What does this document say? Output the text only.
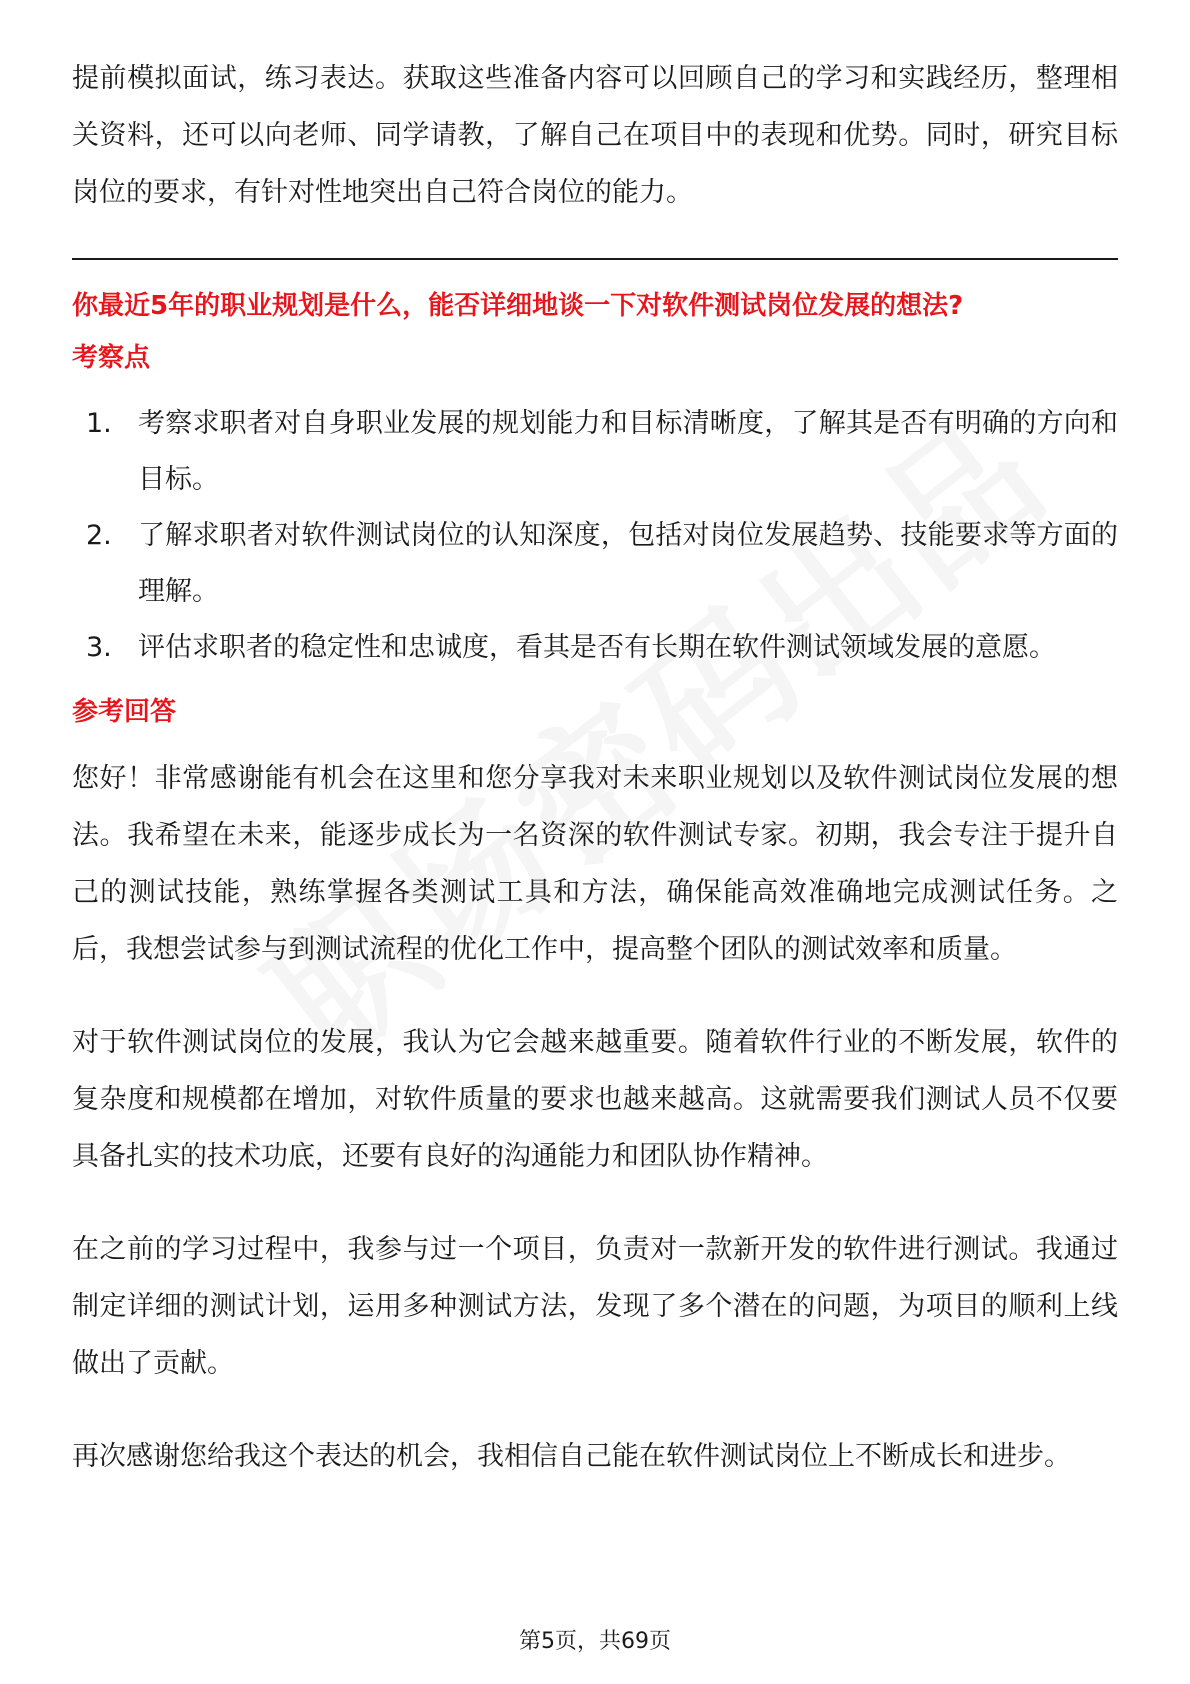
提前模拟面试，练习表达。获取这些准备内容可以回顾自己的学习和实践经历，整理相关资料，还可以向老师、同学请教，了解自己在项目中的表现和优势。同时，研究目标岗位的要求，有针对性地突出自己符合岗位的能力。

你最近5年的职业规划是什么，能否详细地谈一下对软件测试岗位发展的想法?
考察点
1. 考察求职者对自身职业发展的规划能力和目标清晰度，了解其是否有明确的方向和目标。
2. 了解求职者对软件测试岗位的认知深度，包括对岗位发展趋势、技能要求等方面的理解。
3. 评估求职者的稳定性和忠诚度，看其是否有长期在软件测试领域发展的意愿。
参考回答

您好！非常感谢能有机会在这里和您分享我对未来职业规划以及软件测试岗位发展的想法。我希望在未来，能逐步成长为一名资深的软件测试专家。初期，我会专注于提升自己的测试技能，熟练掌握各类测试工具和方法，确保能高效准确地完成测试任务。之后，我想尝试参与到测试流程的优化工作中，提高整个团队的测试效率和质量。

对于软件测试岗位的发展，我认为它会越来越重要。随着软件行业的不断发展，软件的复杂度和规模都在增加，对软件质量的要求也越来越高。这就需要我们测试人员不仅要具备扎实的技术功底，还要有良好的沟通能力和团队协作精神。

在之前的学习过程中，我参与过一个项目，负责对一款新开发的软件进行测试。我通过制定详细的测试计划，运用多种测试方法，发现了多个潜在的问题，为项目的顺利上线做出了贡献。

再次感谢您给我这个表达的机会，我相信自己能在软件测试岗位上不断成长和进步。

第5页，共69页
